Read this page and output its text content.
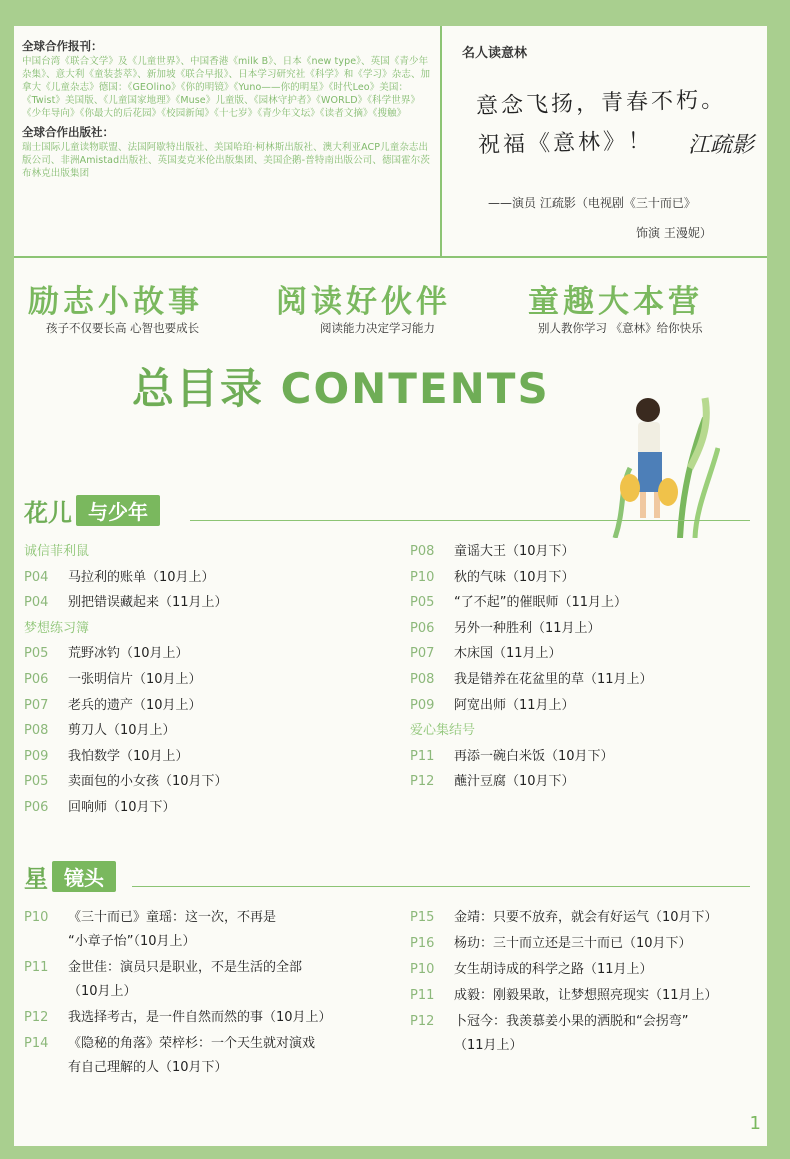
全球合作报刊：

中国台湾《联合文学》及《儿童世界》、中国香港《milk B》、日本《new type》、英国《青少年杂集》、意大利《童装荟萃》、新加坡《联合早报》、日本学习研究社《科学》和《学习》杂志、加拿大《儿童杂志》德国：《GEOlino》《你的明镜》《Yuno——你的明星》《时代Leo》美国：《Twist》美国版、《儿童国家地理》《Muse》儿童版、《园林守护者》《WORLD》《科学世界》《少年导向》《你最大的后花园》《校园新闻》《十七岁》《青少年文坛》《读者文摘》《搜触》

全球合作出版社：

瑞士国际儿童读物联盟、法国阿歇特出版社、美国哈珀·柯林斯出版社、澳大利亚ACP儿童杂志出版公司、非洲Amistad出版社、英国麦克米伦出版集团、美国企鹅-普特南出版公司、德国霍尔茨布林克出版集团

名人读意林
意念飞扬，青春不朽。
祝福《意林》！ 江疏影
——演员 江疏影（电视剧《三十而已》
饰演 王漫妮）
励志小故事
孩子不仅要长高 心智也要成长
阅读好伙伴
阅读能力决定学习能力
童趣大本营
别人教你学习 《意林》给你快乐
总目录 CONTENTS
花儿 与少年
诚信菲利鼠
P04 马拉利的账单（10月上）
P04 别把错误藏起来（11月上）
梦想练习簿
P05 荒野冰钓（10月上）
P06 一张明信片（10月上）
P07 老兵的遗产（10月上）
P08 剪刀人（10月上）
P09 我怕数学（10月上）
P05 卖面包的小女孩（10月下）
P06 回响师（10月下）
P08 童谣大王（10月下）
P10 秋的气味（10月下）
P05 “了不起”的催眠师（11月上）
P06 另外一种胜利（11月上）
P07 木床国（11月上）
P08 我是错养在花盆里的草（11月上）
P09 阿宽出师（11月上）
爱心集结号
P11 再添一碗白米饭（10月下）
P12 蘸汁豆腐（10月下）
星 镜头
P10 《三十而已》童瑶：这一次，不再是
“小章子怡”（10月上）
P11 金世佳：演员只是职业，不是生活的全部
（10月上）
P12 我选择考古，是一件自然而然的事（10月上）
P14 《隐秘的角落》荣梓杉：一个天生就对演戏
有自己理解的人（10月下）
P15 金靖：只要不放弃，就会有好运气（10月下）
P16 杨玏：三十而立还是三十而已（10月下）
P10 女生胡诗成的科学之路（11月上）
P11 成毅：刚毅果敢，让梦想照亮现实（11月上）
P12 卜冠今：我羡慕姜小果的洒脱和“会拐弯”
（11月上）
1
